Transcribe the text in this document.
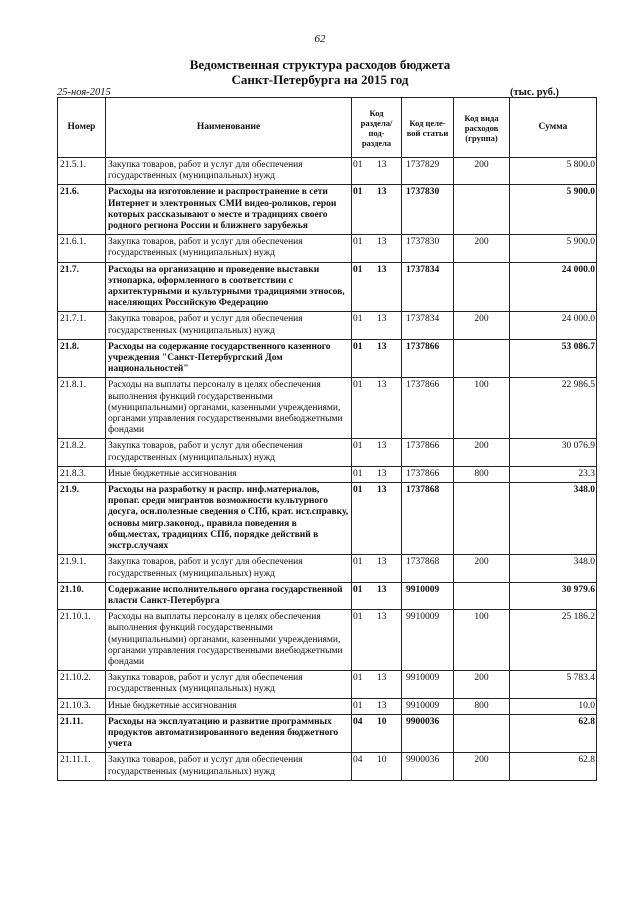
62
Ведомственная структура расходов бюджета
Санкт-Петербурга на 2015 год
25-ноя-2015	(тыс. руб.)
Номер	Наименование	Код раздела/ под-раздела	Код целе-вой статьи	Код вида расходов (группа)	Сумма
21.5.1.	Закупка товаров, работ и услуг для обеспечения государственных (муниципальных) нужд	01 13	1737829	200	5 800.0
21.6.	Расходы на изготовление и распространение в сети Интернет и электронных СМИ видео-роликов, герои которых рассказывают о месте и традициях своего родного региона России и ближнего зарубежья	01 13	1737830		5 900.0
21.6.1.	Закупка товаров, работ и услуг для обеспечения государственных (муниципальных) нужд	01 13	1737830	200	5 900.0
21.7.	Расходы на организацию и проведение выставки этнопарка, оформленного в соответствии с архитектурными и культурными традициями этносов, населяющих Российскую Федерацию	01 13	1737834		24 000.0
21.7.1.	Закупка товаров, работ и услуг для обеспечения государственных (муниципальных) нужд	01 13	1737834	200	24 000.0
21.8.	Расходы на содержание государственного казенного учреждения "Санкт-Петербургский Дом национальностей"	01 13	1737866		53 086.7
21.8.1.	Расходы на выплаты персоналу в целях обеспечения выполнения функций государственными (муниципальными) органами, казенными учреждениями, органами управления государственными внебюджетными фондами	01 13	1737866	100	22 986.5
21.8.2.	Закупка товаров, работ и услуг для обеспечения государственных (муниципальных) нужд	01 13	1737866	200	30 076.9
21.8.3.	Иные бюджетные ассигнования	01 13	1737866	800	23.3
21.9.	Расходы на разработку и распр. инф.материалов, пропаг. среди мигрантов возможности культурного досуга, осн.полезные сведения о СПб, крат. ист.справку, основы мигр.законод., правила поведения в общ.местах, традициях СПб, порядке действий в экстр.случаях	01 13	1737868		348.0
21.9.1.	Закупка товаров, работ и услуг для обеспечения государственных (муниципальных) нужд	01 13	1737868	200	348.0
21.10.	Содержание исполнительного органа государственной власти Санкт-Петербурга	01 13	9910009		30 979.6
21.10.1.	Расходы на выплаты персоналу в целях обеспечения выполнения функций государственными (муниципальными) органами, казенными учреждениями, органами управления государственными внебюджетными фондами	01 13	9910009	100	25 186.2
21.10.2.	Закупка товаров, работ и услуг для обеспечения государственных (муниципальных) нужд	01 13	9910009	200	5 783.4
21.10.3.	Иные бюджетные ассигнования	01 13	9910009	800	10.0
21.11.	Расходы на эксплуатацию и развитие программных продуктов автоматизированного ведения бюджетного учета	04 10	9900036		62.8
21.11.1.	Закупка товаров, работ и услуг для обеспечения государственных (муниципальных) нужд	04 10	9900036	200	62.8
